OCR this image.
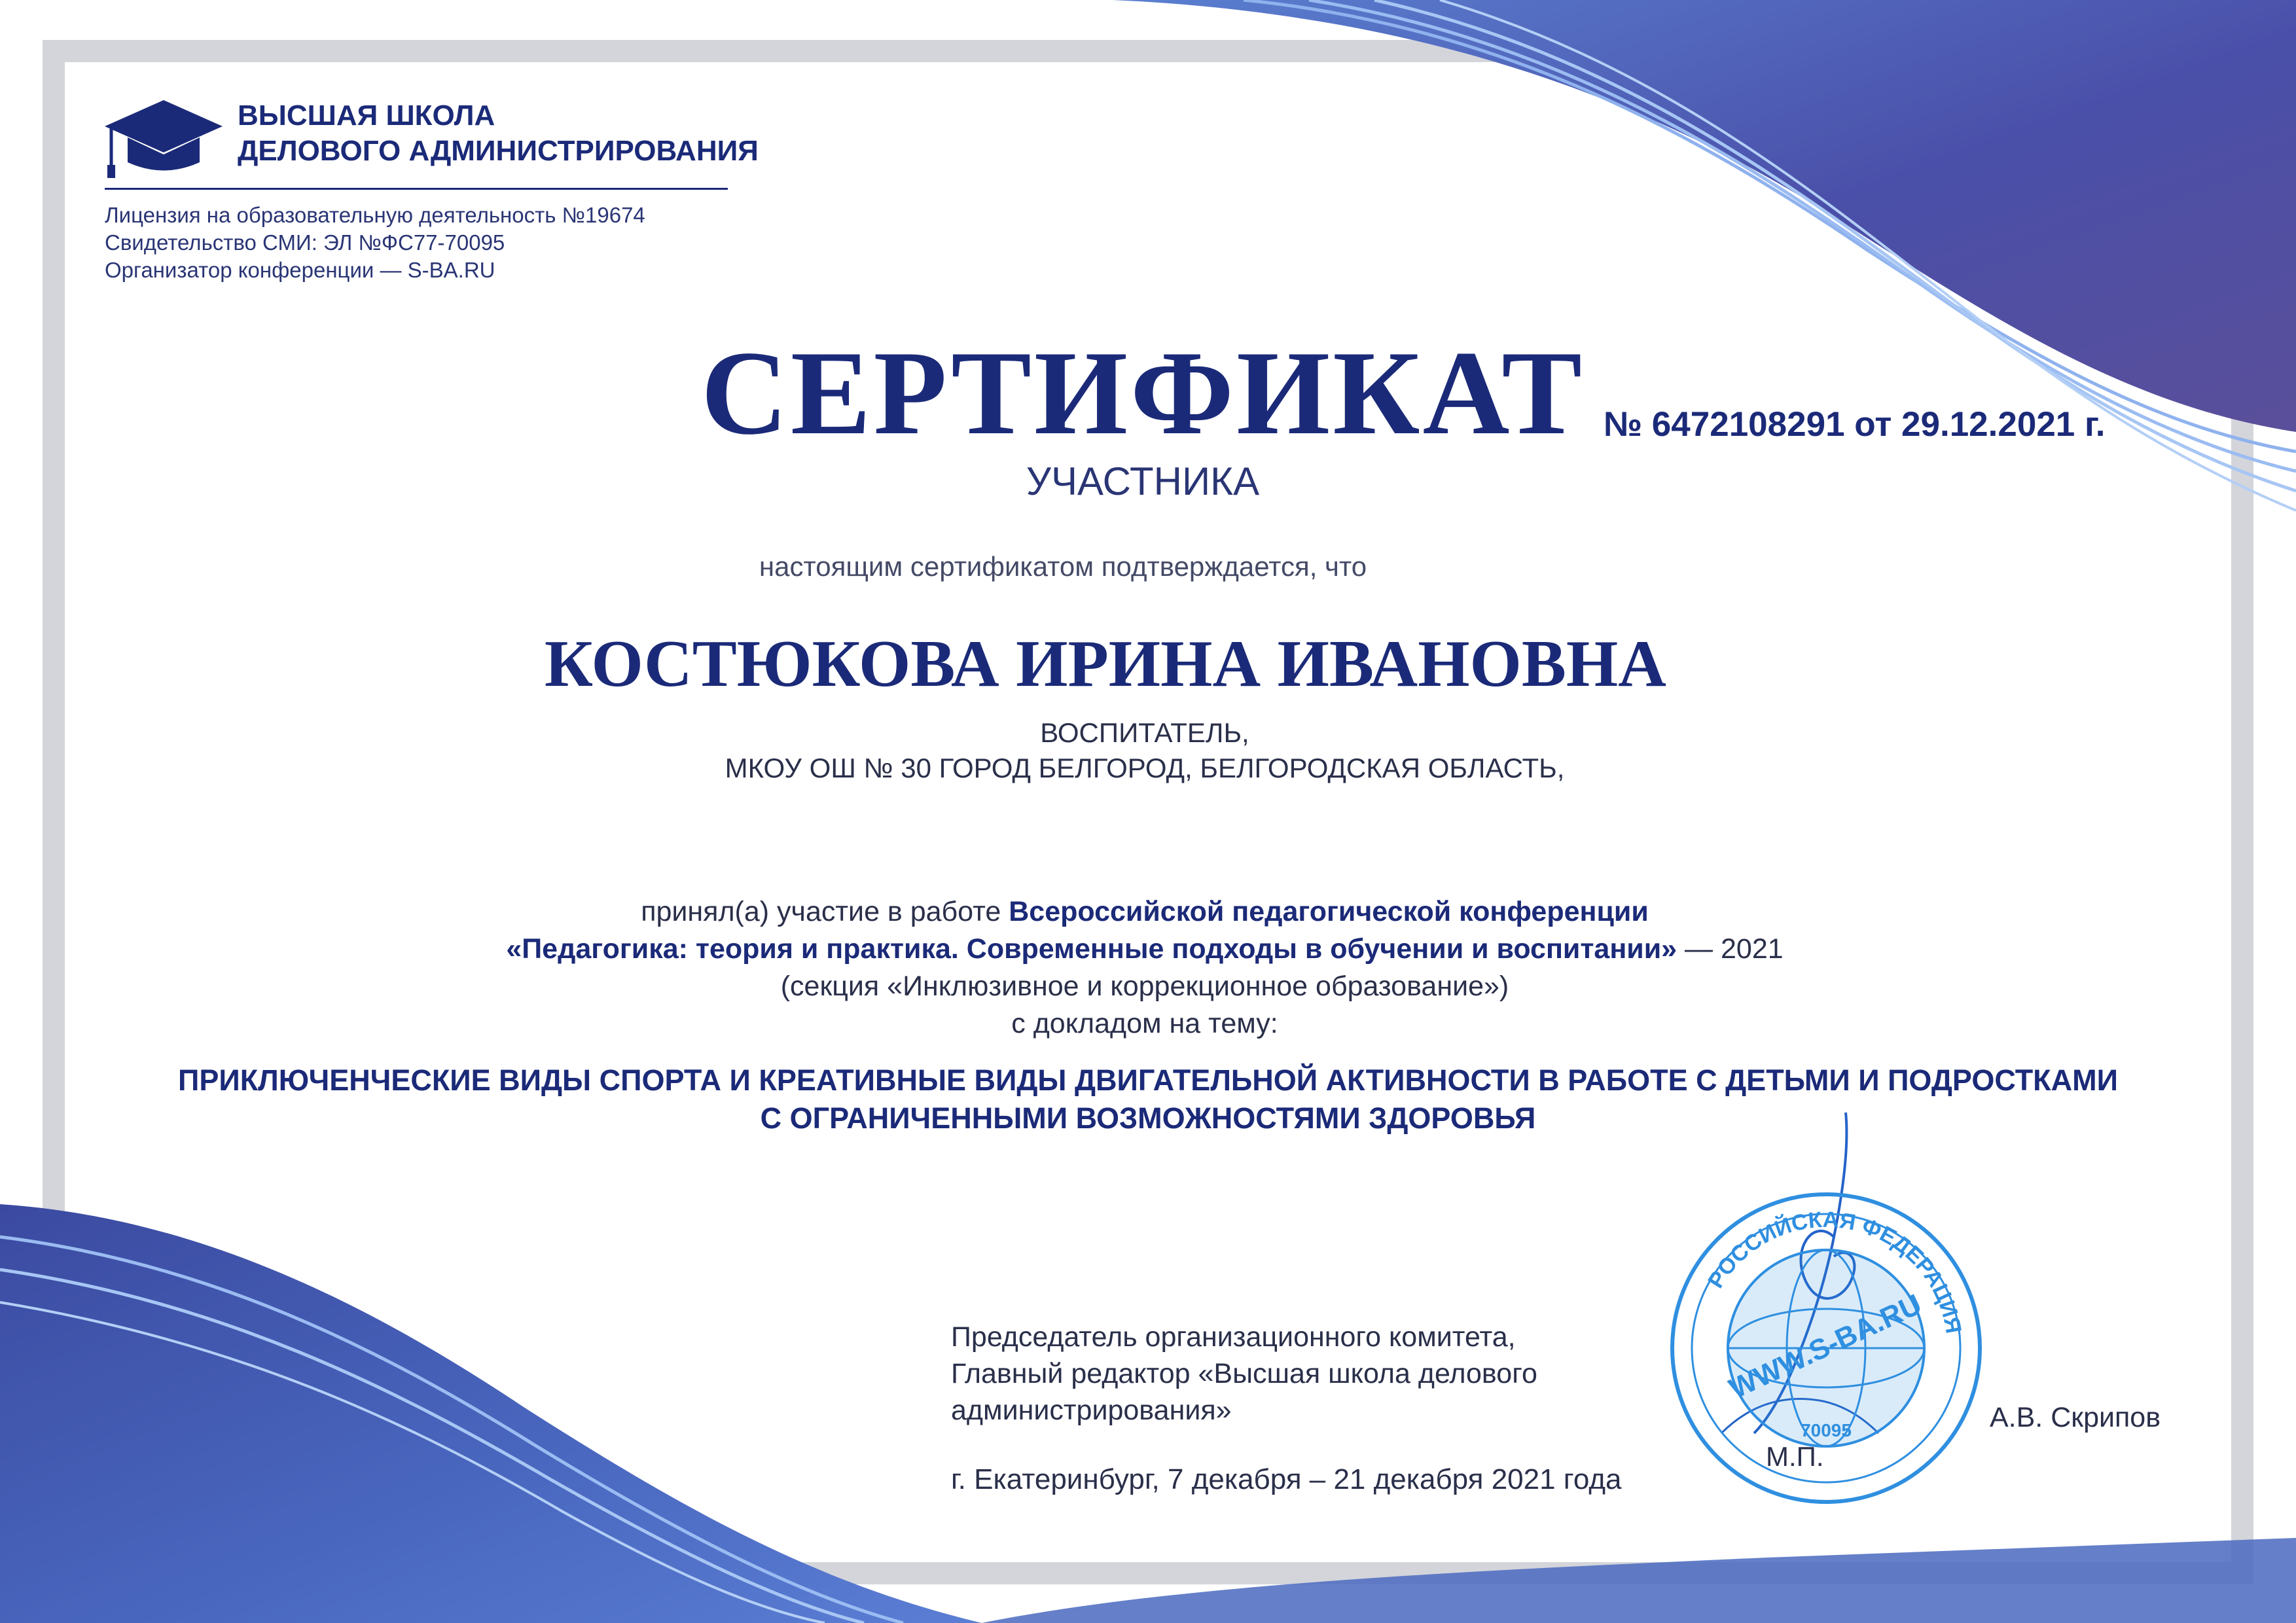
ВЫСШАЯ ШКОЛА
ДЕЛОВОГО АДМИНИСТРИРОВАНИЯ
Лицензия на образовательную деятельность №19674
Свидетельство СМИ: ЭЛ №ФС77-70095
Организатор конференции — S-BA.RU
СЕРТИФИКАТ № 6472108291 от 29.12.2021 г.
УЧАСТНИКА
настоящим сертификатом подтверждается, что
КОСТЮКОВА ИРИНА ИВАНОВНА
ВОСПИТАТЕЛЬ,
МКОУ ОШ № 30 ГОРОД БЕЛГОРОД, БЕЛГОРОДСКАЯ ОБЛАСТЬ,
принял(а) участие в работе Всероссийской педагогической конференции
«Педагогика: теория и практика. Современные подходы в обучении и воспитании» — 2021
(секция «Инклюзивное и коррекционное образование»)
с докладом на тему:
ПРИКЛЮЧЕНЧЕСКИЕ ВИДЫ СПОРТА И КРЕАТИВНЫЕ ВИДЫ ДВИГАТЕЛЬНОЙ АКТИВНОСТИ В РАБОТЕ С ДЕТЬМИ И ПОДРОСТКАМИ
С ОГРАНИЧЕННЫМИ ВОЗМОЖНОСТЯМИ ЗДОРОВЬЯ
РОССИЙСКАЯ ФЕДЕРАЦИЯ
WWW.S-BA.RU
70095
Председатель организационного комитета,
Главный редактор «Высшая школа делового
администрирования»	А.В. Скрипов
М.П.
г. Екатеринбург, 7 декабря – 21 декабря 2021 года
